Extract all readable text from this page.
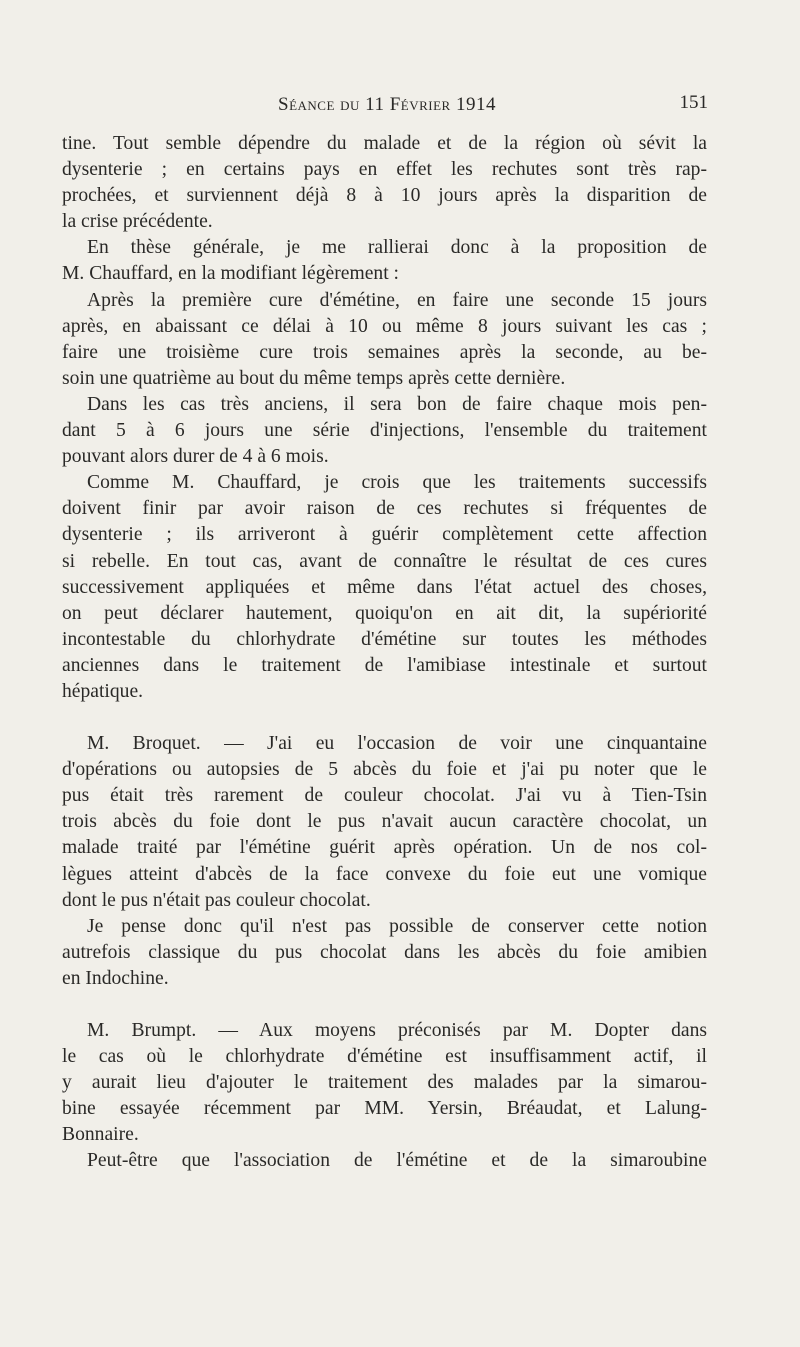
Séance du 11 Février 1914	151
tine. Tout semble dépendre du malade et de la région où sévit la
dysenterie ; en certains pays en effet les rechutes sont très rap-
prochées, et surviennent déjà 8 à 10 jours après la disparition de
la crise précédente.
En thèse générale, je me rallierai donc à la proposition de
M. Chauffard, en la modifiant légèrement :
Après la première cure d'émétine, en faire une seconde 15 jours
après, en abaissant ce délai à 10 ou même 8 jours suivant les cas ;
faire une troisième cure trois semaines après la seconde, au be-
soin une quatrième au bout du même temps après cette dernière.
Dans les cas très anciens, il sera bon de faire chaque mois pen-
dant 5 à 6 jours une série d'injections, l'ensemble du traitement
pouvant alors durer de 4 à 6 mois.
Comme M. Chauffard, je crois que les traitements successifs
doivent finir par avoir raison de ces rechutes si fréquentes de
dysenterie ; ils arriveront à guérir complètement cette affection
si rebelle. En tout cas, avant de connaître le résultat de ces cures
successivement appliquées et même dans l'état actuel des choses,
on peut déclarer hautement, quoiqu'on en ait dit, la supériorité
incontestable du chlorhydrate d'émétine sur toutes les méthodes
anciennes dans le traitement de l'amibiase intestinale et surtout
hépatique.
M. Broquet. — J'ai eu l'occasion de voir une cinquantaine
d'opérations ou autopsies de 5 abcès du foie et j'ai pu noter que le
pus était très rarement de couleur chocolat. J'ai vu à Tien-Tsin
trois abcès du foie dont le pus n'avait aucun caractère chocolat, un
malade traité par l'émétine guérit après opération. Un de nos col-
lègues atteint d'abcès de la face convexe du foie eut une vomique
dont le pus n'était pas couleur chocolat.
Je pense donc qu'il n'est pas possible de conserver cette notion
autrefois classique du pus chocolat dans les abcès du foie amibien
en Indochine.
M. Brumpt. — Aux moyens préconisés par M. Dopter dans
le cas où le chlorhydrate d'émétine est insuffisamment actif, il
y aurait lieu d'ajouter le traitement des malades par la simarou-
bine essayée récemment par MM. Yersin, Bréaudat, et Lalung-
Bonnaire.
Peut-être que l'association de l'émétine et de la simaroubine
